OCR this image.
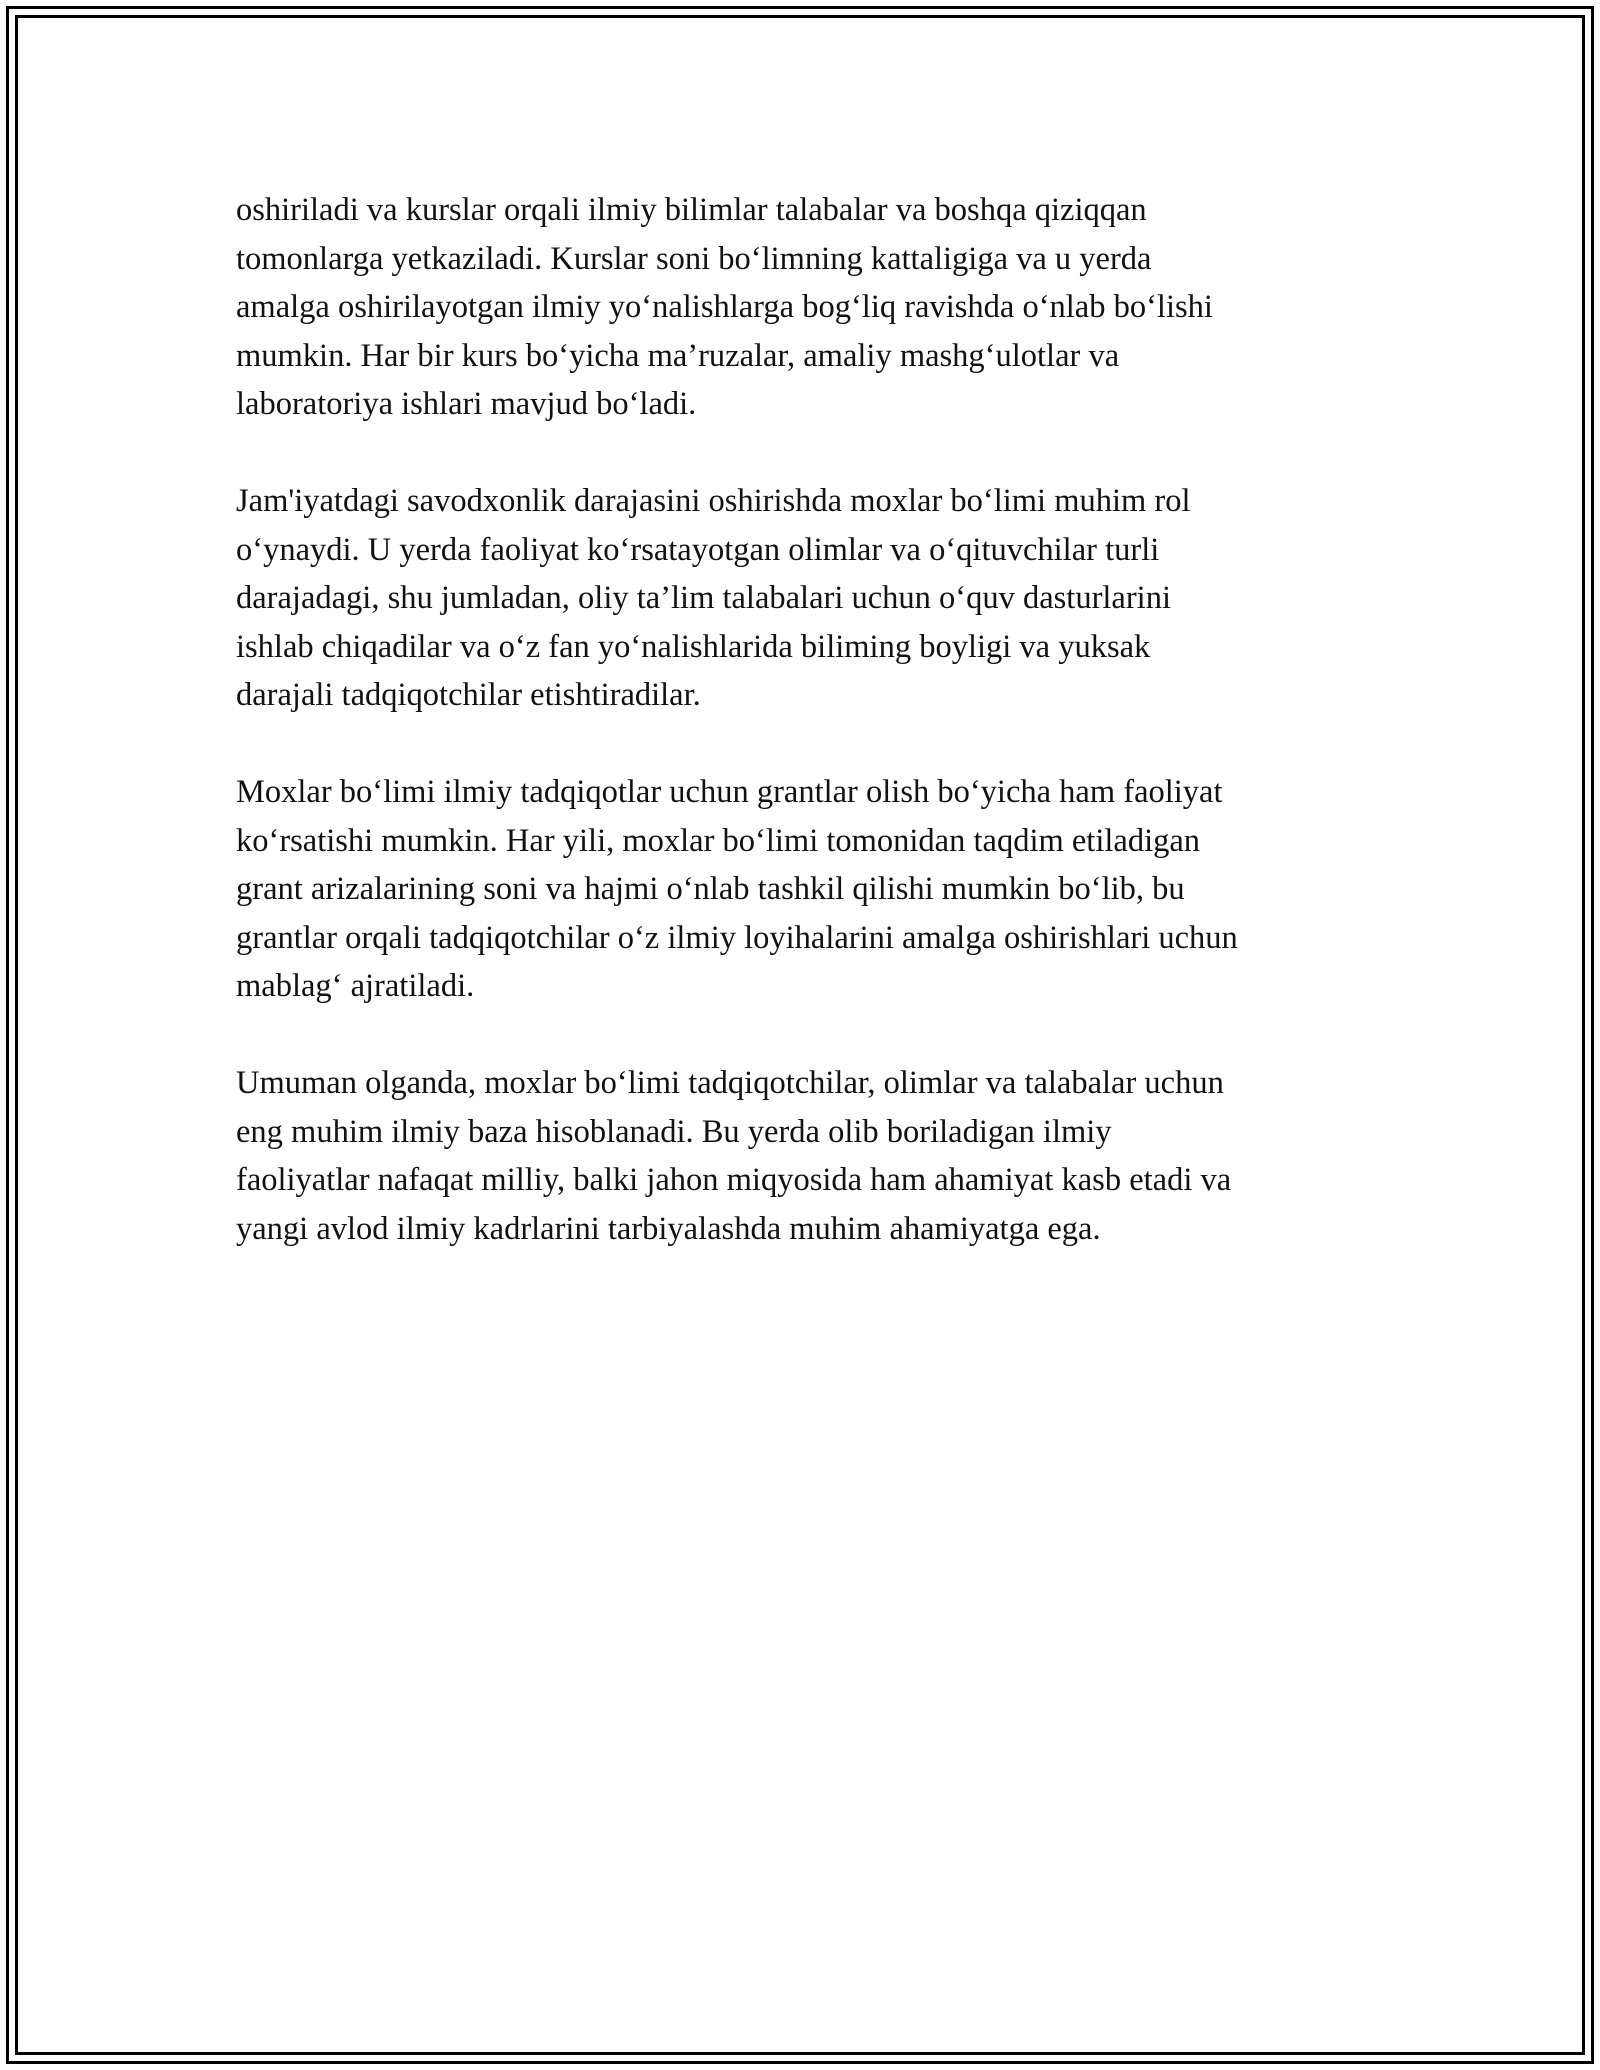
oshiriladi va kurslar orqali ilmiy bilimlar talabalar va boshqa qiziqqan
tomonlarga yetkaziladi. Kurslar soni bo‘limning kattaligiga va u yerda
amalga oshirilayotgan ilmiy yo‘nalishlarga bog‘liq ravishda o‘nlab bo‘lishi
mumkin. Har bir kurs bo‘yicha ma’ruzalar, amaliy mashg‘ulotlar va
laboratoriya ishlari mavjud bo‘ladi.

Jam'iyatdagi savodxonlik darajasini oshirishda moxlar bo‘limi muhim rol
o‘ynaydi. U yerda faoliyat ko‘rsatayotgan olimlar va o‘qituvchilar turli
darajadagi, shu jumladan, oliy ta’lim talabalari uchun o‘quv dasturlarini
ishlab chiqadilar va o‘z fan yo‘nalishlarida biliming boyligi va yuksak
darajali tadqiqotchilar etishtiradilar.

Moxlar bo‘limi ilmiy tadqiqotlar uchun grantlar olish bo‘yicha ham faoliyat
ko‘rsatishi mumkin. Har yili, moxlar bo‘limi tomonidan taqdim etiladigan
grant arizalarining soni va hajmi o‘nlab tashkil qilishi mumkin bo‘lib, bu
grantlar orqali tadqiqotchilar o‘z ilmiy loyihalarini amalga oshirishlari uchun
mablag‘ ajratiladi.

Umuman olganda, moxlar bo‘limi tadqiqotchilar, olimlar va talabalar uchun
eng muhim ilmiy baza hisoblanadi. Bu yerda olib boriladigan ilmiy
faoliyatlar nafaqat milliy, balki jahon miqyosida ham ahamiyat kasb etadi va
yangi avlod ilmiy kadrlarini tarbiyalashda muhim ahamiyatga ega.
